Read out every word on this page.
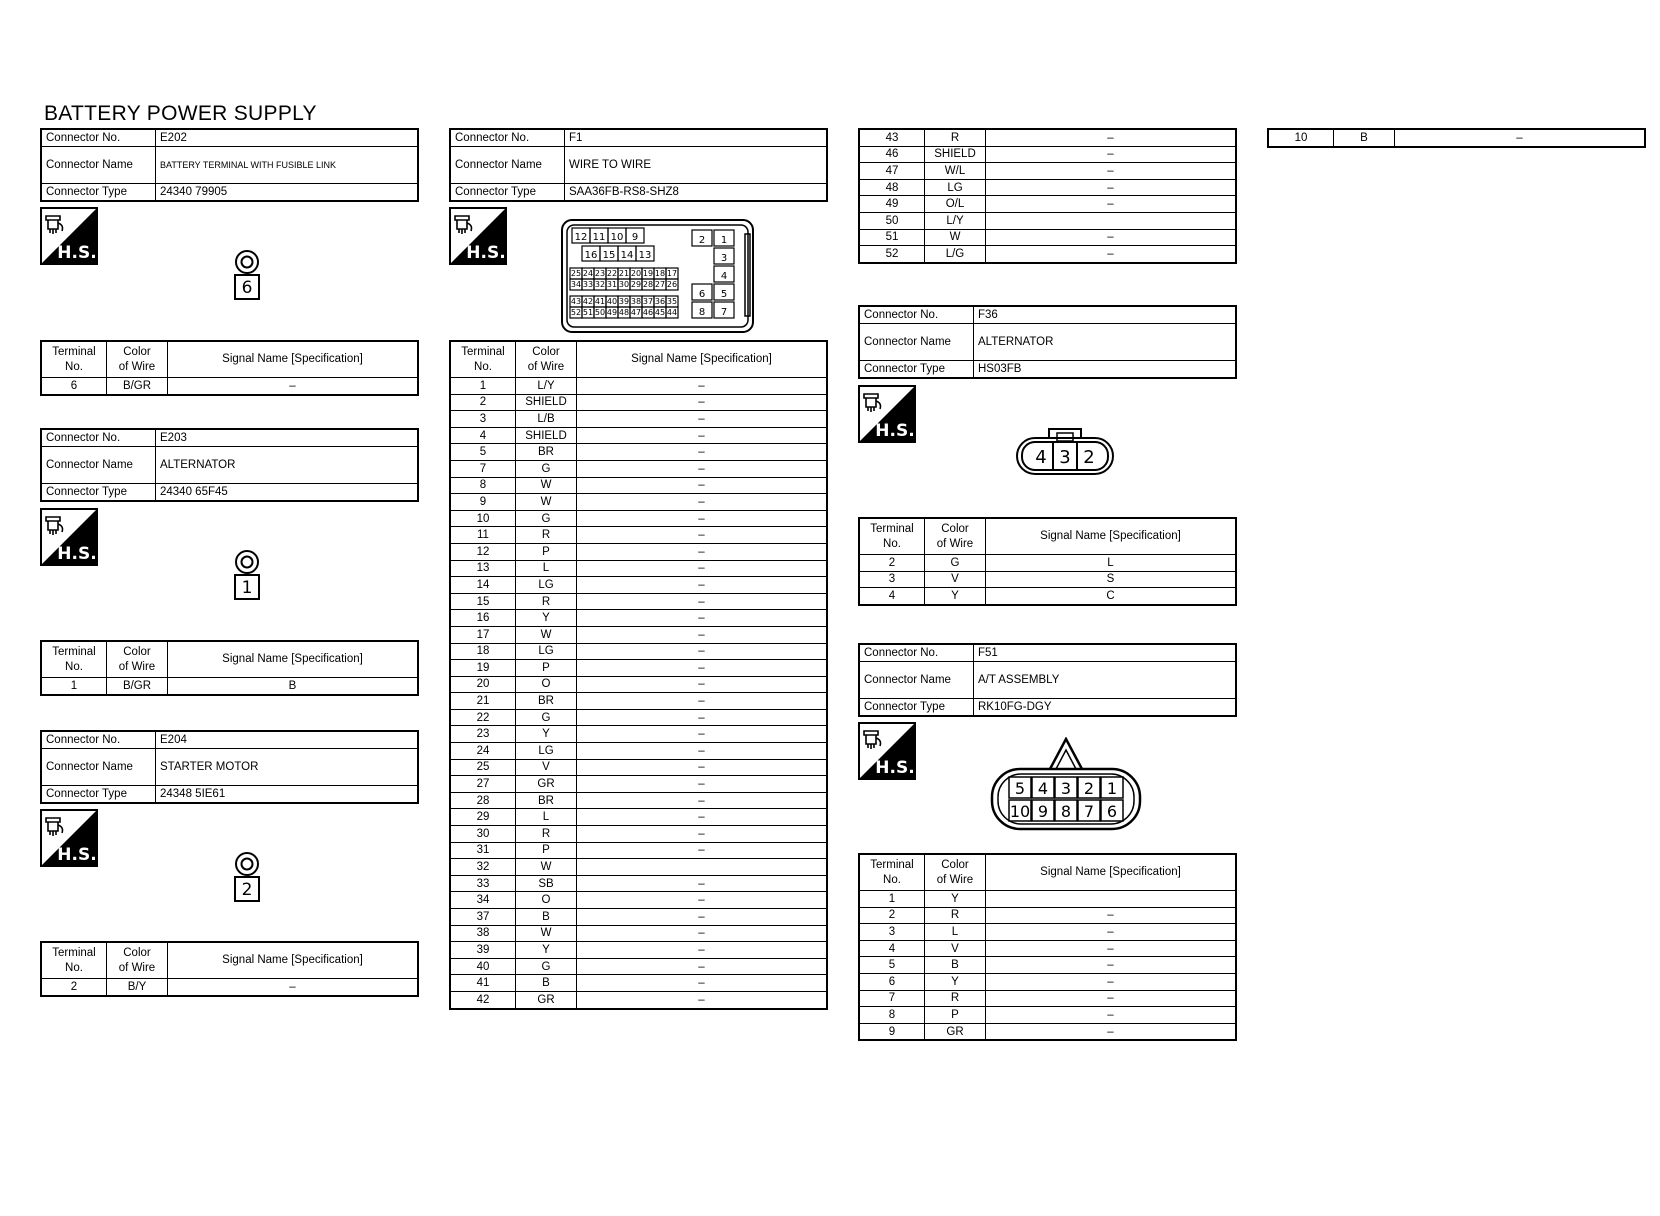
BATTERY POWER SUPPLY
Connector No.	E202
Connector Name	BATTERY TERMINAL WITH FUSIBLE LINK
Connector Type	24340 79905
H.S.
6
Terminal
No.	Color
of Wire	Signal Name [Specification]
6	B/GR	–
Connector No.	E203
Connector Name	ALTERNATOR
Connector Type	24340 65F45
H.S.
1
Terminal
No.	Color
of Wire	Signal Name [Specification]
1	B/GR	B
Connector No.	E204
Connector Name	STARTER MOTOR
Connector Type	24348 5IE61
H.S.
2
Terminal
No.	Color
of Wire	Signal Name [Specification]
2	B/Y	–
Connector No.	F1
Connector Name	WIRE TO WIRE
Connector Type	SAA36FB-RS8-SHZ8
H.S.
12 11 10 9
16 15 14 13
25 24 23 22 21 20 19 18 17
34 33 32 31 30 29 28 27 26
43 42 41 40 39 38 37 36 35
52 51 50 49 48 47 46 45 44
2 1
3
4
6 5
8 7
Terminal
No.	Color
of Wire	Signal Name [Specification]
1	L/Y	–
2	SHIELD	–
3	L/B	–
4	SHIELD	–
5	BR	–
7	G	–
8	W	–
9	W	–
10	G	–
11	R	–
12	P	–
13	L	–
14	LG	–
15	R	–
16	Y	–
17	W	–
18	LG	–
19	P	–
20	O	–
21	BR	–
22	G	–
23	Y	–
24	LG	–
25	V	–
27	GR	–
28	BR	–
29	L	–
30	R	–
31	P	–
32	W	
33	SB	–
34	O	–
37	B	–
38	W	–
39	Y	–
40	G	–
41	B	–
42	GR	–
43	R	–
46	SHIELD	–
47	W/L	–
48	LG	–
49	O/L	–
50	L/Y	
51	W	–
52	L/G	–
Connector No.	F36
Connector Name	ALTERNATOR
Connector Type	HS03FB
H.S.
4 3 2
Terminal
No.	Color
of Wire	Signal Name [Specification]
2	G	L
3	V	S
4	Y	C
Connector No.	F51
Connector Name	A/T ASSEMBLY
Connector Type	RK10FG-DGY
H.S.
5
10
4
9
3
8
2
7
1
6
Terminal
No.	Color
of Wire	Signal Name [Specification]
1	Y	
2	R	–
3	L	–
4	V	–
5	B	–
6	Y	–
7	R	–
8	P	–
9	GR	–
10	B	–
